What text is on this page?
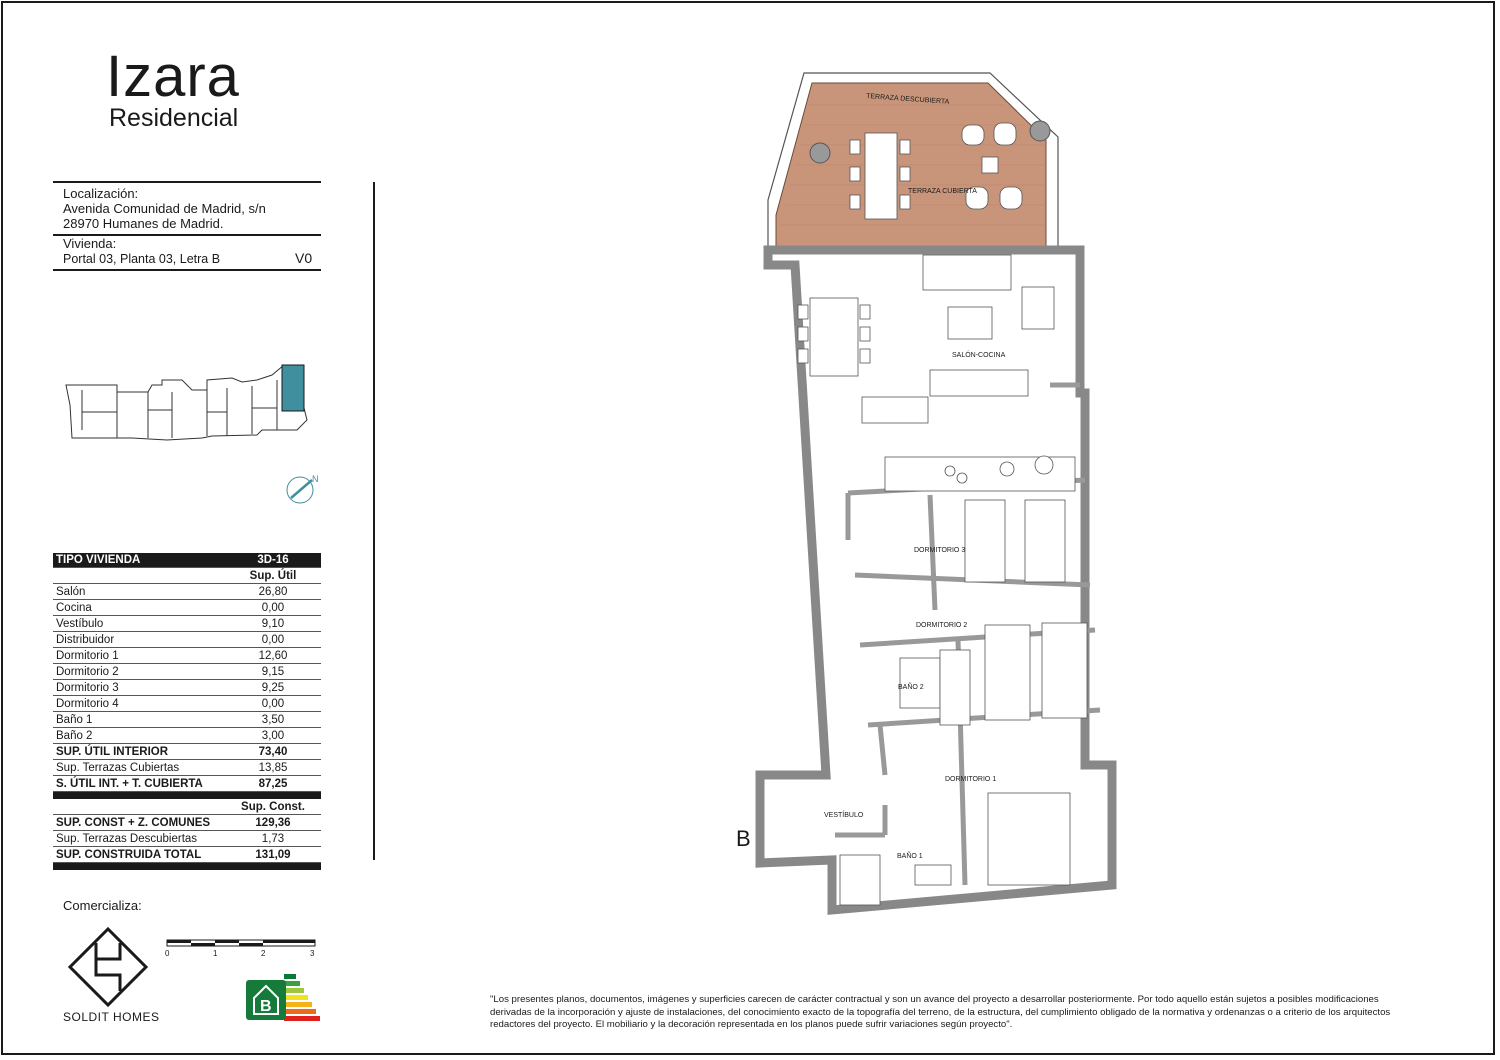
Izara
Residencial
Localización:
Avenida Comunidad de Madrid, s/n
28970 Humanes de Madrid.
Vivienda:
Portal 03, Planta 03, Letra B	V0
N
TIPO VIVIENDA	3D-16
	Sup. Útil
Salón	26,80
Cocina	0,00
Vestíbulo	9,10
Distribuidor	0,00
Dormitorio 1	12,60
Dormitorio 2	9,15
Dormitorio 3	9,25
Dormitorio 4	0,00
Baño 1	3,50
Baño 2	3,00
SUP. ÚTIL INTERIOR	73,40
Sup. Terrazas Cubiertas	13,85
S. ÚTIL INT. + T. CUBIERTA	87,25

	Sup. Const.
SUP. CONST + Z. COMUNES	129,36
Sup. Terrazas Descubiertas	1,73
SUP. CONSTRUIDA TOTAL	131,09

Comercializa:
SOLDIT HOMES
0	1	2	3
B
TERRAZA DESCUBIERTA
TERRAZA CUBIERTA
SALÓN-COCINA
DORMITORIO 3
DORMITORIO 2
BAÑO 2
DORMITORIO 1
VESTÍBULO
BAÑO 1
B
"Los presentes planos, documentos, imágenes y superficies carecen de carácter contractual y son un avance del proyecto a desarrollar posteriormente. Por todo aquello están sujetos a posibles modificaciones derivadas de la incorporación y ajuste de instalaciones, del conocimiento exacto de la topografía del terreno, de la estructura, del cumplimiento obligado de la normativa y ordenanzas o a criterio de los arquitectos redactores del proyecto. El mobiliario y la decoración representada en los planos puede sufrir variaciones según proyecto".
